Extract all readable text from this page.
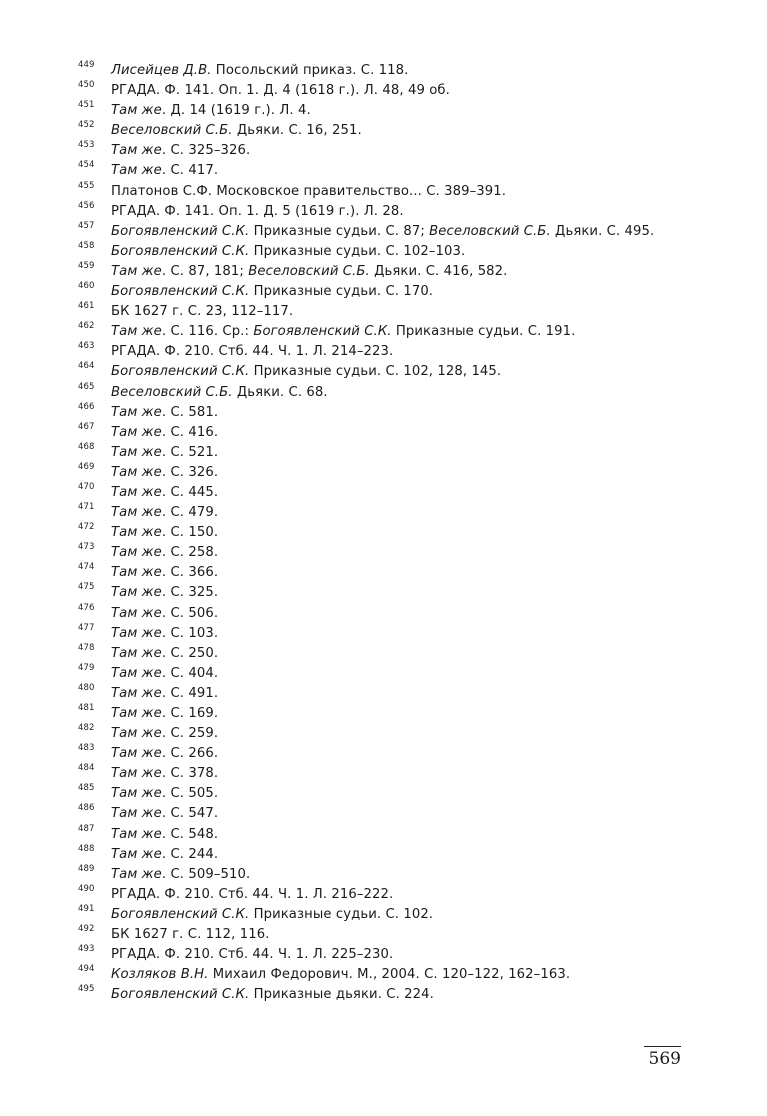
449 Лисейцев Д.В. Посольский приказ. С. 118.
450 РГАДА. Ф. 141. Оп. 1. Д. 4 (1618 г.). Л. 48, 49 об.
451 Там же. Д. 14 (1619 г.). Л. 4.
452 Веселовский С.Б. Дьяки. С. 16, 251.
453 Там же. С. 325–326.
454 Там же. С. 417.
455 Платонов С.Ф. Московское правительство... С. 389–391.
456 РГАДА. Ф. 141. Оп. 1. Д. 5 (1619 г.). Л. 28.
457 Богоявленский С.К. Приказные судьи. С. 87; Веселовский С.Б. Дьяки. С. 495.
458 Богоявленский С.К. Приказные судьи. С. 102–103.
459 Там же. С. 87, 181; Веселовский С.Б. Дьяки. С. 416, 582.
460 Богоявленский С.К. Приказные судьи. С. 170.
461 БК 1627 г. С. 23, 112–117.
462 Там же. С. 116. Ср.: Богоявленский С.К. Приказные судьи. С. 191.
463 РГАДА. Ф. 210. Стб. 44. Ч. 1. Л. 214–223.
464 Богоявленский С.К. Приказные судьи. С. 102, 128, 145.
465 Веселовский С.Б. Дьяки. С. 68.
466 Там же. С. 581.
467 Там же. С. 416.
468 Там же. С. 521.
469 Там же. С. 326.
470 Там же. С. 445.
471 Там же. С. 479.
472 Там же. С. 150.
473 Там же. С. 258.
474 Там же. С. 366.
475 Там же. С. 325.
476 Там же. С. 506.
477 Там же. С. 103.
478 Там же. С. 250.
479 Там же. С. 404.
480 Там же. С. 491.
481 Там же. С. 169.
482 Там же. С. 259.
483 Там же. С. 266.
484 Там же. С. 378.
485 Там же. С. 505.
486 Там же. С. 547.
487 Там же. С. 548.
488 Там же. С. 244.
489 Там же. С. 509–510.
490 РГАДА. Ф. 210. Стб. 44. Ч. 1. Л. 216–222.
491 Богоявленский С.К. Приказные судьи. С. 102.
492 БК 1627 г. С. 112, 116.
493 РГАДА. Ф. 210. Стб. 44. Ч. 1. Л. 225–230.
494 Козляков В.Н. Михаил Федорович. М., 2004. С. 120–122, 162–163.
495 Богоявленский С.К. Приказные дьяки. С. 224.
569
